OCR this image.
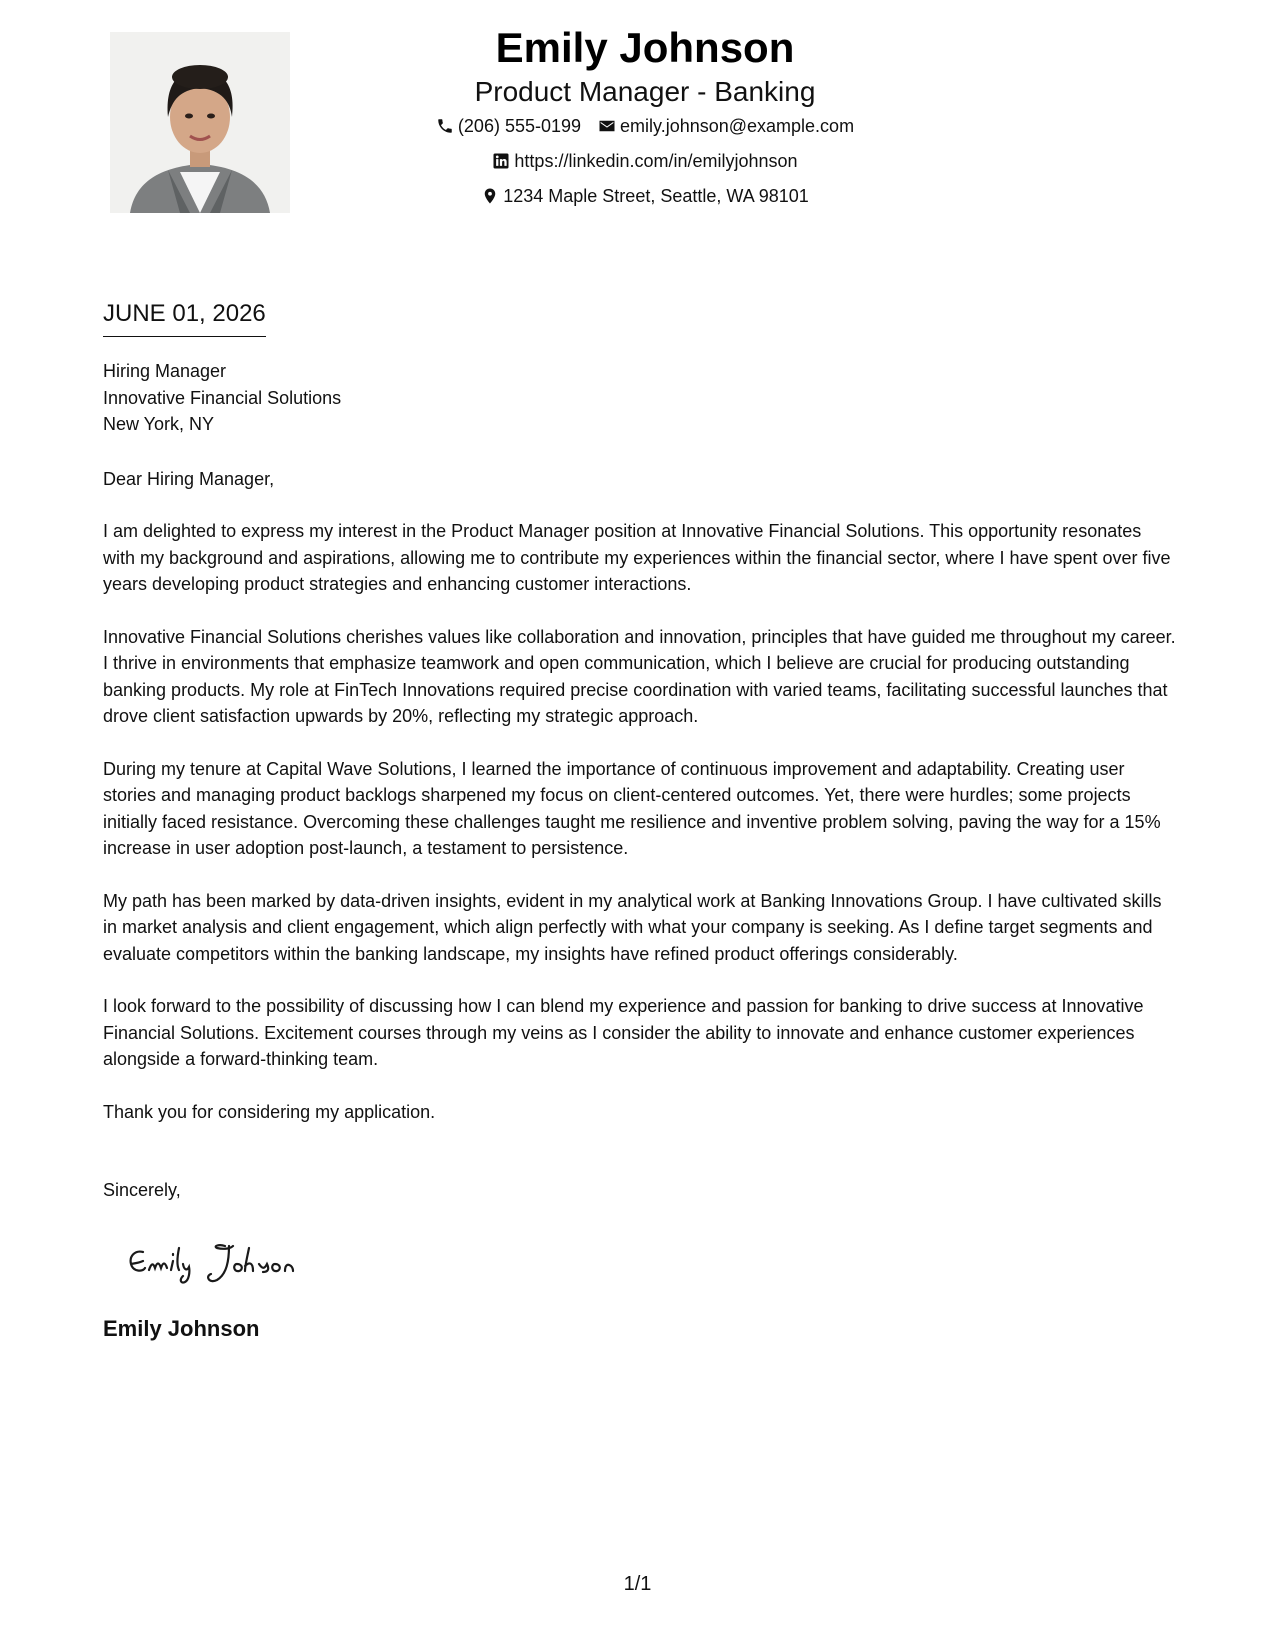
Emily Johnson
Product Manager - Banking
(206) 555-0199
emily.johnson@example.com
https://linkedin.com/in/emilyjohnson
1234 Maple Street, Seattle, WA 98101
JUNE 01, 2026
Hiring Manager
Innovative Financial Solutions
New York, NY

Dear Hiring Manager,

I am delighted to express my interest in the Product Manager position at Innovative Financial Solutions. This opportunity resonates with my background and aspirations, allowing me to contribute my experiences within the financial sector, where I have spent over five years developing product strategies and enhancing customer interactions.

Innovative Financial Solutions cherishes values like collaboration and innovation, principles that have guided me throughout my career. I thrive in environments that emphasize teamwork and open communication, which I believe are crucial for producing outstanding banking products. My role at FinTech Innovations required precise coordination with varied teams, facilitating successful launches that drove client satisfaction upwards by 20%, reflecting my strategic approach.

During my tenure at Capital Wave Solutions, I learned the importance of continuous improvement and adaptability. Creating user stories and managing product backlogs sharpened my focus on client-centered outcomes. Yet, there were hurdles; some projects initially faced resistance. Overcoming these challenges taught me resilience and inventive problem solving, paving the way for a 15% increase in user adoption post-launch, a testament to persistence.

My path has been marked by data-driven insights, evident in my analytical work at Banking Innovations Group. I have cultivated skills in market analysis and client engagement, which align perfectly with what your company is seeking. As I define target segments and evaluate competitors within the banking landscape, my insights have refined product offerings considerably.

I look forward to the possibility of discussing how I can blend my experience and passion for banking to drive success at Innovative Financial Solutions. Excitement courses through my veins as I consider the ability to innovate and enhance customer experiences alongside a forward-thinking team.

Thank you for considering my application.

Sincerely,
Emily Johnson
1/1
